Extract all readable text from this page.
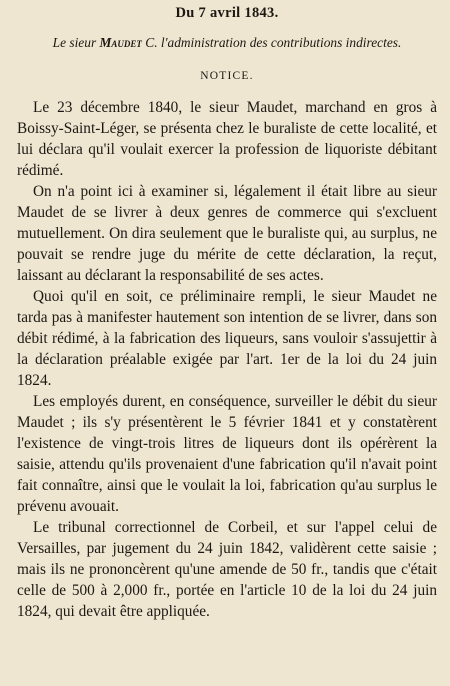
Du 7 avril 1843.
Le sieur Maudet C. l'administration des contributions indirectes.
NOTICE.

Le 23 décembre 1840, le sieur Maudet, marchand en gros à Boissy-Saint-Léger, se présenta chez le buraliste de cette localité, et lui déclara qu'il voulait exercer la profession de liquoriste débitant rédimé.

On n'a point ici à examiner si, légalement il était libre au sieur Maudet de se livrer à deux genres de commerce qui s'excluent mutuellement. On dira seulement que le buraliste qui, au surplus, ne pouvait se rendre juge du mérite de cette déclaration, la reçut, laissant au déclarant la responsabilité de ses actes.

Quoi qu'il en soit, ce préliminaire rempli, le sieur Maudet ne tarda pas à manifester hautement son intention de se livrer, dans son débit rédimé, à la fabrication des liqueurs, sans vouloir s'assujettir à la déclaration préalable exigée par l'art. 1er de la loi du 24 juin 1824.

Les employés durent, en conséquence, surveiller le débit du sieur Maudet ; ils s'y présentèrent le 5 février 1841 et y constatèrent l'existence de vingt-trois litres de liqueurs dont ils opérèrent la saisie, attendu qu'ils provenaient d'une fabrication qu'il n'avait point fait connaître, ainsi que le voulait la loi, fabrication qu'au surplus le prévenu avouait.

Le tribunal correctionnel de Corbeil, et sur l'appel celui de Versailles, par jugement du 24 juin 1842, validèrent cette saisie ; mais ils ne prononcèrent qu'une amende de 50 fr., tandis que c'était celle de 500 à 2,000 fr., portée en l'article 10 de la loi du 24 juin 1824, qui devait être appliquée.
